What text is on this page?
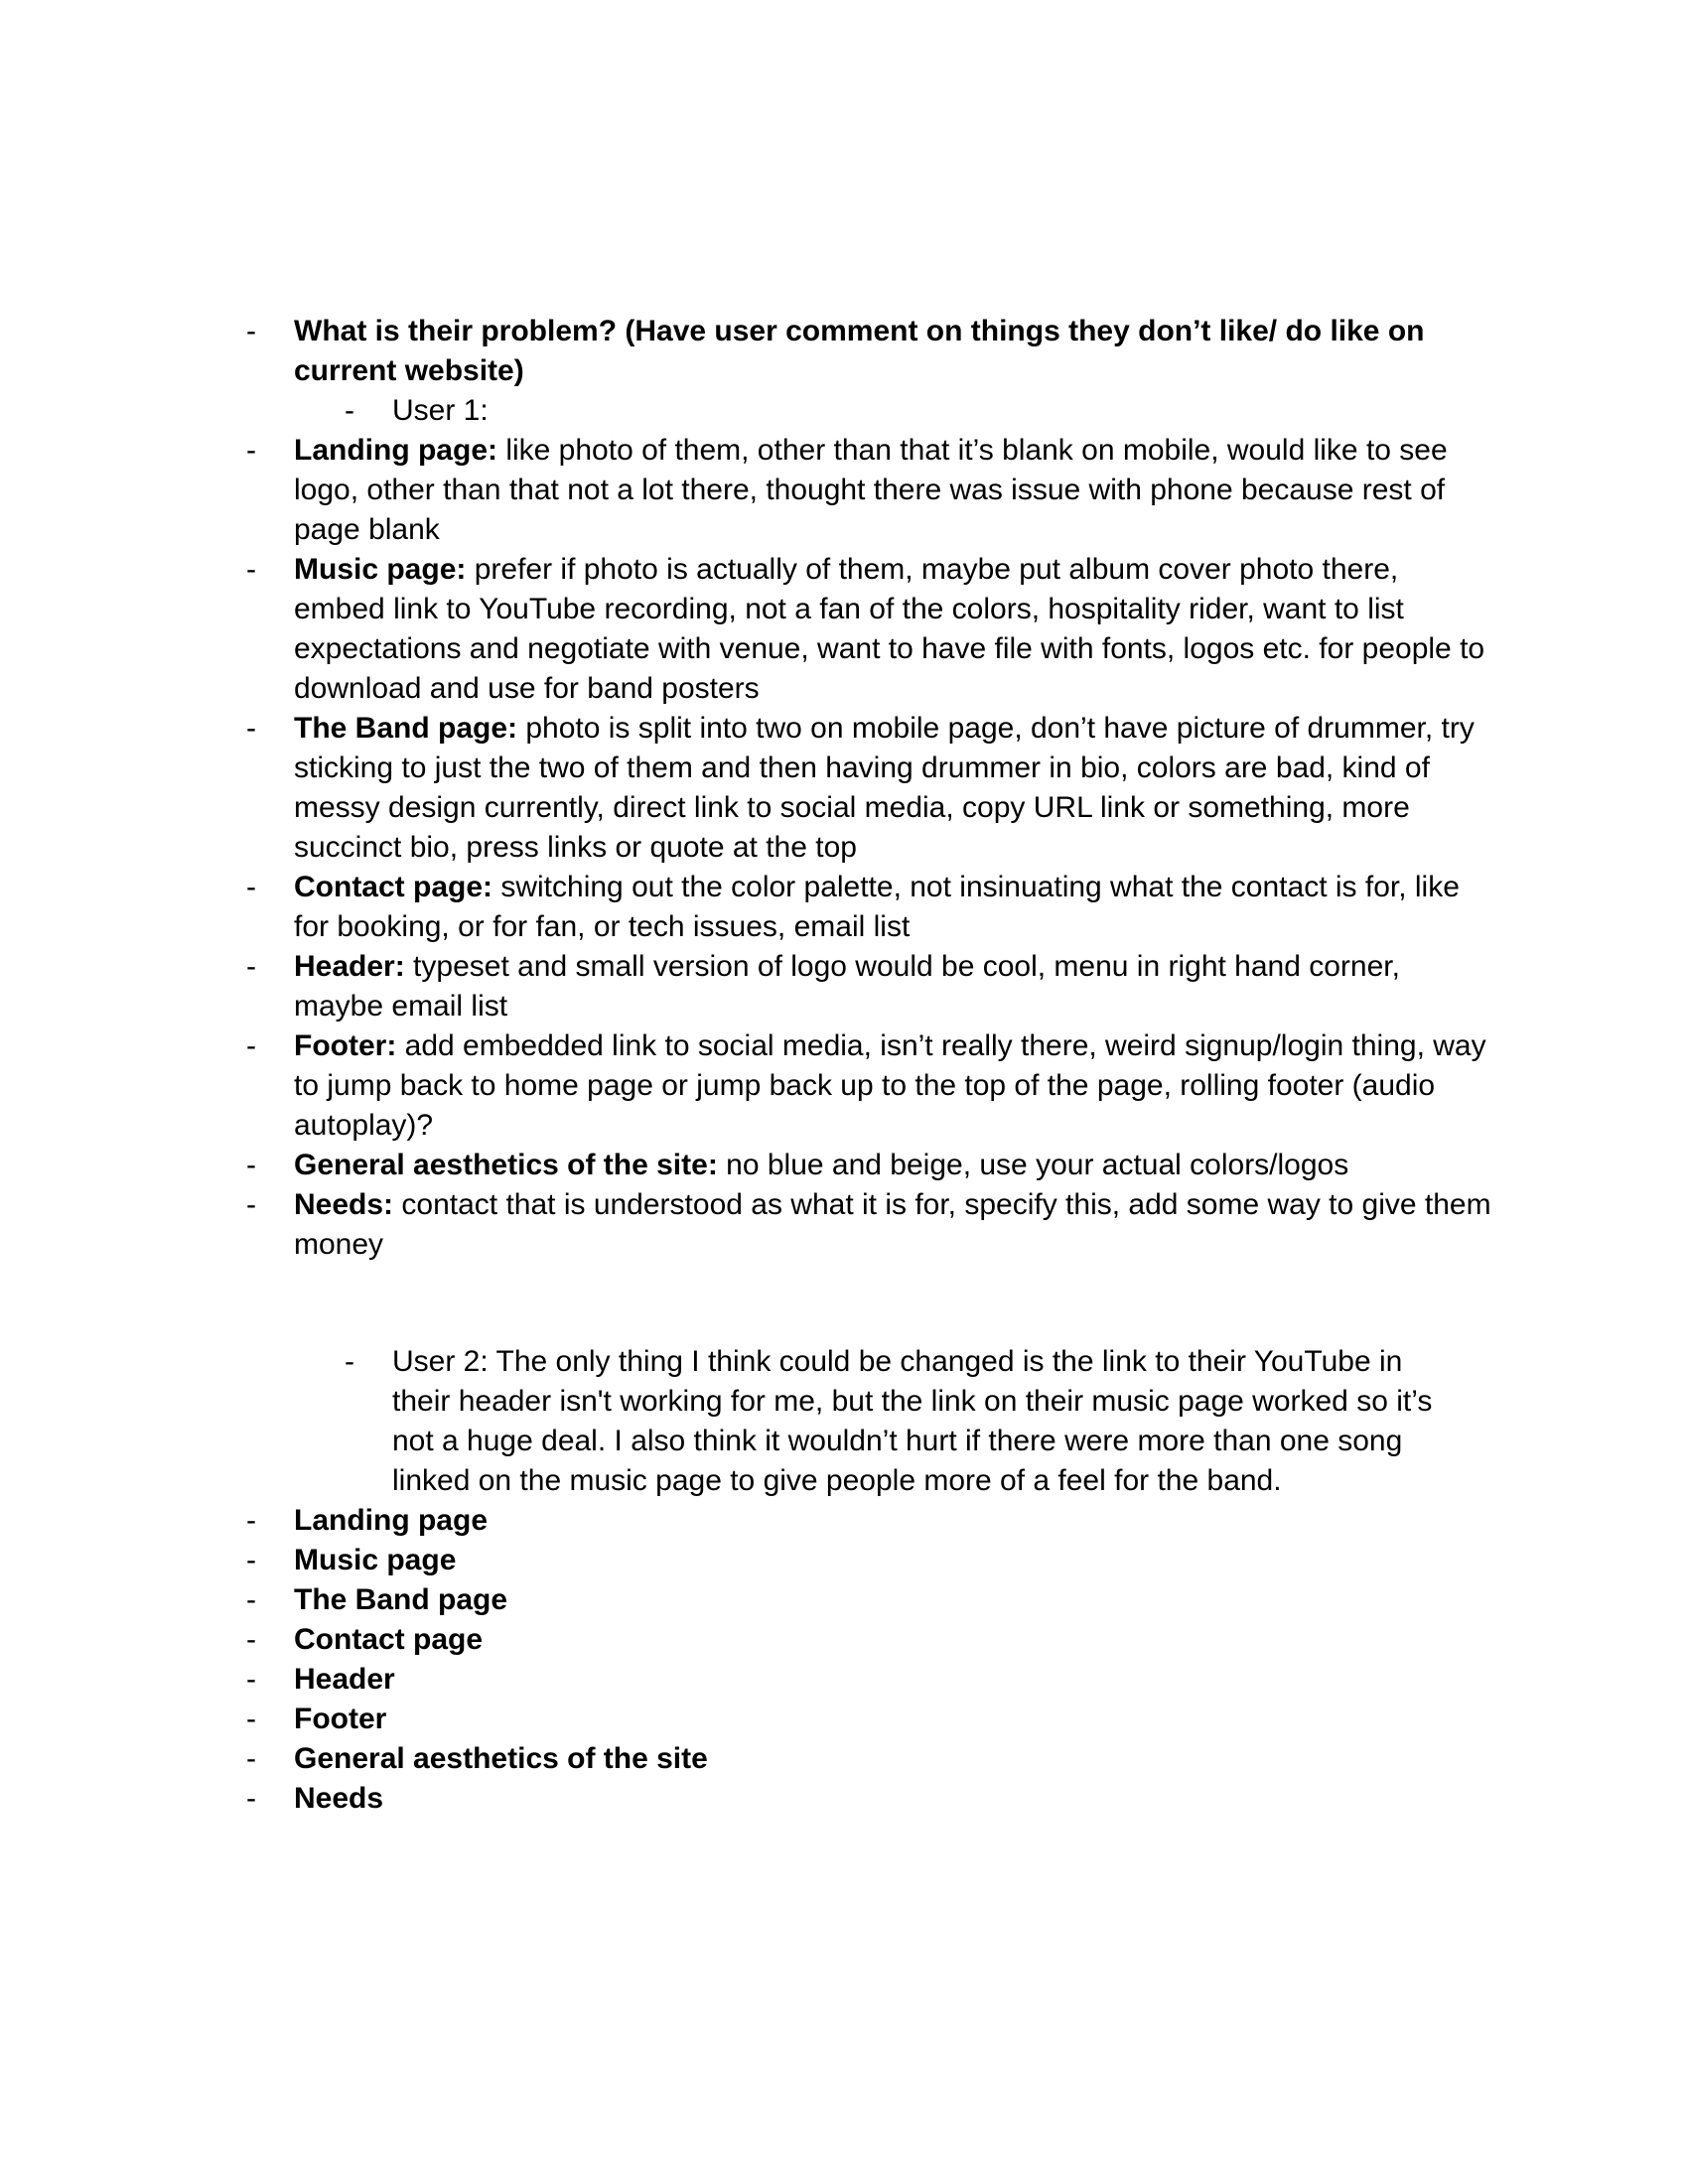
- What is their problem? (Have user comment on things they don’t like/ do like on current website)
- User 1:
- Landing page: like photo of them, other than that it’s blank on mobile, would like to see logo, other than that not a lot there, thought there was issue with phone because rest of page blank
- Music page: prefer if photo is actually of them, maybe put album cover photo there, embed link to YouTube recording, not a fan of the colors, hospitality rider, want to list expectations and negotiate with venue, want to have file with fonts, logos etc. for people to download and use for band posters
- The Band page: photo is split into two on mobile page, don’t have picture of drummer, try sticking to just the two of them and then having drummer in bio, colors are bad, kind of messy design currently, direct link to social media, copy URL link or something, more succinct bio, press links or quote at the top
- Contact page: switching out the color palette, not insinuating what the contact is for, like for booking, or for fan, or tech issues, email list
- Header: typeset and small version of logo would be cool, menu in right hand corner, maybe email list
- Footer: add embedded link to social media, isn’t really there, weird signup/login thing, way to jump back to home page or jump back up to the top of the page, rolling footer (audio autoplay)?
- General aesthetics of the site: no blue and beige, use your actual colors/logos
- Needs: contact that is understood as what it is for, specify this, add some way to give them money
- User 2: The only thing I think could be changed is the link to their YouTube in their header isn't working for me, but the link on their music page worked so it’s not a huge deal. I also think it wouldn’t hurt if there were more than one song linked on the music page to give people more of a feel for the band.
- Landing page
- Music page
- The Band page
- Contact page
- Header
- Footer
- General aesthetics of the site
- Needs
